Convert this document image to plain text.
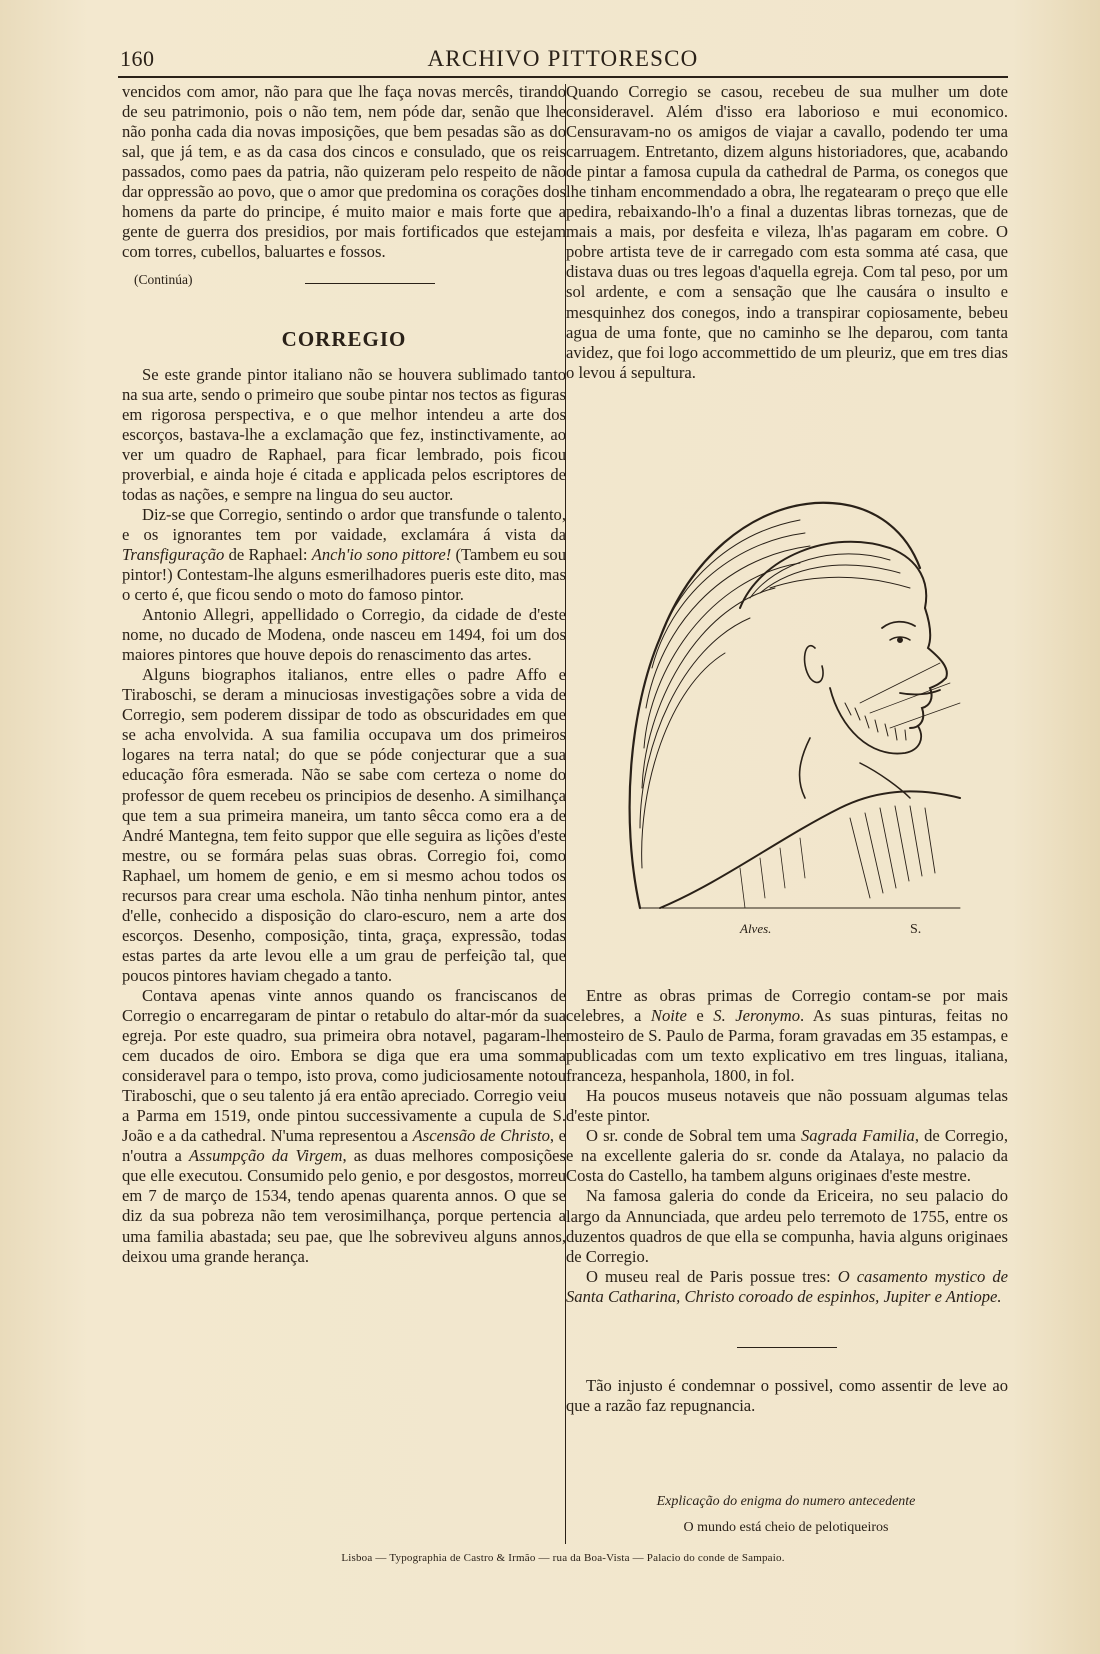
160	ARCHIVO PITTORESCO

vencidos com amor, não para que lhe faça novas mercês, tirando de seu patrimonio, pois o não tem, nem póde dar, senão que lhe não ponha cada dia novas imposições, que bem pesadas são as do sal, que já tem, e as da casa dos cincos e consulado, que os reis passados, como paes da patria, não quizeram pelo respeito de não dar oppressão ao povo, que o amor que predomina os corações dos homens da parte do principe, é muito maior e mais forte que a gente de guerra dos presidios, por mais fortificados que estejam com torres, cubellos, baluartes e fossos.

(Continúa)
CORREGIO

Se este grande pintor italiano não se houvera sublimado tanto na sua arte, sendo o primeiro que soube pintar nos tectos as figuras em rigorosa perspectiva, e o que melhor intendeu a arte dos escorços, bastava-lhe a exclamação que fez, instinctivamente, ao ver um quadro de Raphael, para ficar lembrado, pois ficou proverbial, e ainda hoje é citada e applicada pelos escriptores de todas as nações, e sempre na lingua do seu auctor.

Diz-se que Corregio, sentindo o ardor que transfunde o talento, e os ignorantes tem por vaidade, exclamára á vista da Transfiguração de Raphael: Anch'io sono pittore! (Tambem eu sou pintor!) Contestam-lhe alguns esmerilhadores pueris este dito, mas o certo é, que ficou sendo o moto do famoso pintor.

Antonio Allegri, appellidado o Corregio, da cidade de d'este nome, no ducado de Modena, onde nasceu em 1494, foi um dos maiores pintores que houve depois do renascimento das artes.

Alguns biographos italianos, entre elles o padre Affo e Tiraboschi, se deram a minuciosas investigações sobre a vida de Corregio, sem poderem dissipar de todo as obscuridades em que se acha envolvida. A sua familia occupava um dos primeiros logares na terra natal; do que se póde conjecturar que a sua educação fôra esmerada. Não se sabe com certeza o nome do professor de quem recebeu os principios de desenho. A similhança que tem a sua primeira maneira, um tanto sêcca como era a de André Mantegna, tem feito suppor que elle seguira as lições d'este mestre, ou se formára pelas suas obras. Corregio foi, como Raphael, um homem de genio, e em si mesmo achou todos os recursos para crear uma escholа. Não tinha nenhum pintor, antes d'elle, conhecido a disposição do claro-escuro, nem a arte dos escorços. Desenho, composição, tinta, graça, expressão, todas estas partes da arte levou elle a um grau de perfeição tal, que poucos pintores haviam chegado a tanto.

Contava apenas vinte annos quando os franciscanos de Corregio o encarregaram de pintar o retabulo do altar-mór da sua egreja. Por este quadro, sua primeira obra notavel, pagaram-lhe cem ducados de oiro. Embora se diga que era uma somma consideravel para o tempo, isto prova, como judiciosamente notou Tiraboschi, que o seu talento já era então apreciado. Corregio veiu a Parma em 1519, onde pintou successivamente a cupula de S. João e a da cathedral. N'uma representou a Ascensão de Christo, e n'outra a Assumpção da Virgem, as duas melhores composições que elle executou. Consumido pelo genio, e por desgostos, morreu em 7 de março de 1534, tendo apenas quarenta annos. O que se diz da sua pobreza não tem verosimilhança, porque pertencia a uma familia abastada; seu pae, que lhe sobreviveu alguns annos, deixou uma grande herança.

Quando Corregio se casou, recebeu de sua mulher um dote consideravel. Além d'isso era laborioso e mui economico. Censuravam-no os amigos de viajar a cavallo, podendo ter uma carruagem. Entretanto, dizem alguns historiadores, que, acabando de pintar a famosa cupula da cathedral de Parma, os conegos que lhe tinham encommendado a obra, lhe regatearam o preço que elle pedira, rebaixando-lh'o a final a duzentas libras tornezas, que de mais a mais, por desfeita e vileza, lh'as pagaram em cobre. O pobre artista teve de ir carregado com esta somma até casa, que distava duas ou tres legoas d'aquella egreja. Com tal peso, por um sol ardente, e com a sensação que lhe causára o insulto e mesquinhez dos conegos, indo a transpirar copiosamente, bebeu agua de uma fonte, que no caminho se lhe deparou, com tanta avidez, que foi logo accommettido de um pleuriz, que em tres dias o levou á sepultura.

Alves.	S.

Entre as obras primas de Corregio contam-se por mais celebres, a Noite e S. Jeronymo. As suas pinturas, feitas no mosteiro de S. Paulo de Parma, foram gravadas em 35 estampas, e publicadas com um texto explicativo em tres linguas, italiana, franceza, hespanhola, 1800, in fol.

Ha poucos museus notaveis que não possuam algumas telas d'este pintor.

O sr. conde de Sobral tem uma Sagrada Familia, de Corregio, e na excellente galeria do sr. conde da Atalaya, no palacio da Costa do Castello, ha tambem alguns originaes d'este mestre.

Na famosa galeria do conde da Ericeira, no seu palacio do largo da Annunciada, que ardeu pelo terremoto de 1755, entre os duzentos quadros de que ella se compunha, havia alguns originaes de Corregio.

O museu real de Paris possue tres: O casamento mystico de Santa Catharina, Christo coroado de espinhos, Jupiter e Antiope.

Tão injusto é condemnar o possivel, como assentir de leve ao que a razão faz repugnancia.

Explicação do enigma do numero antecedente
O mundo está cheio de pelotiqueiros
Lisboa — Typographia de Castro & Irmão — rua da Boa-Vista — Palacio do conde de Sampaio.
